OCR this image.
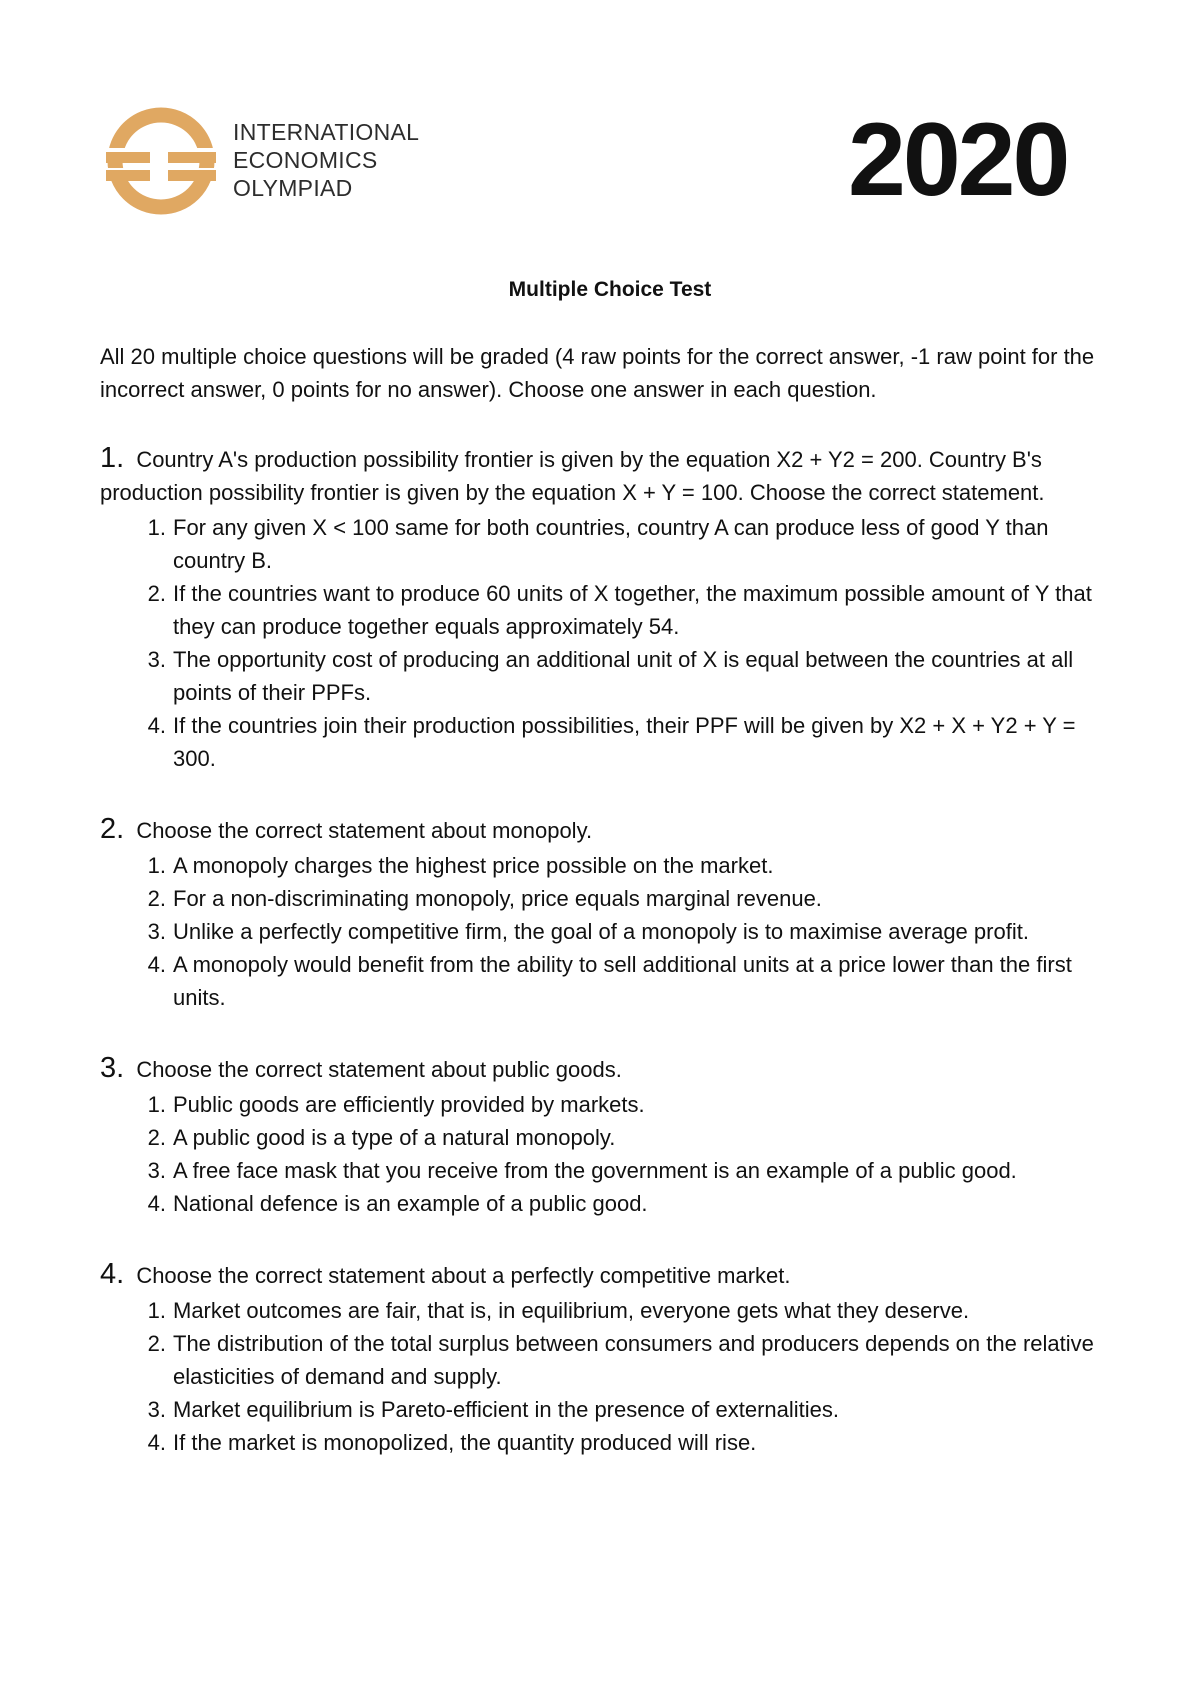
INTERNATIONAL
ECONOMICS
OLYMPIAD	2020
Multiple Choice Test

All 20 multiple choice questions will be graded (4 raw points for the correct answer, -1 raw point for the incorrect answer, 0 points for no answer). Choose one answer in each question.

1. Country A's production possibility frontier is given by the equation X2 + Y2 = 200. Country B's production possibility frontier is given by the equation X + Y = 100. Choose the correct statement.

1. For any given X < 100 same for both countries, country A can produce less of good Y than country B.
2. If the countries want to produce 60 units of X together, the maximum possible amount of Y that they can produce together equals approximately 54.
3. The opportunity cost of producing an additional unit of X is equal between the countries at all points of their PPFs.
4. If the countries join their production possibilities, their PPF will be given by X2 + X + Y2 + Y = 300.

2. Choose the correct statement about monopoly.

1. A monopoly charges the highest price possible on the market.
2. For a non-discriminating monopoly, price equals marginal revenue.
3. Unlike a perfectly competitive firm, the goal of a monopoly is to maximise average profit.
4. A monopoly would benefit from the ability to sell additional units at a price lower than the first units.

3. Choose the correct statement about public goods.

1. Public goods are efficiently provided by markets.
2. A public good is a type of a natural monopoly.
3. A free face mask that you receive from the government is an example of a public good.
4. National defence is an example of a public good.

4. Choose the correct statement about a perfectly competitive market.

1. Market outcomes are fair, that is, in equilibrium, everyone gets what they deserve.
2. The distribution of the total surplus between consumers and producers depends on the relative elasticities of demand and supply.
3. Market equilibrium is Pareto-efficient in the presence of externalities.
4. If the market is monopolized, the quantity produced will rise.
